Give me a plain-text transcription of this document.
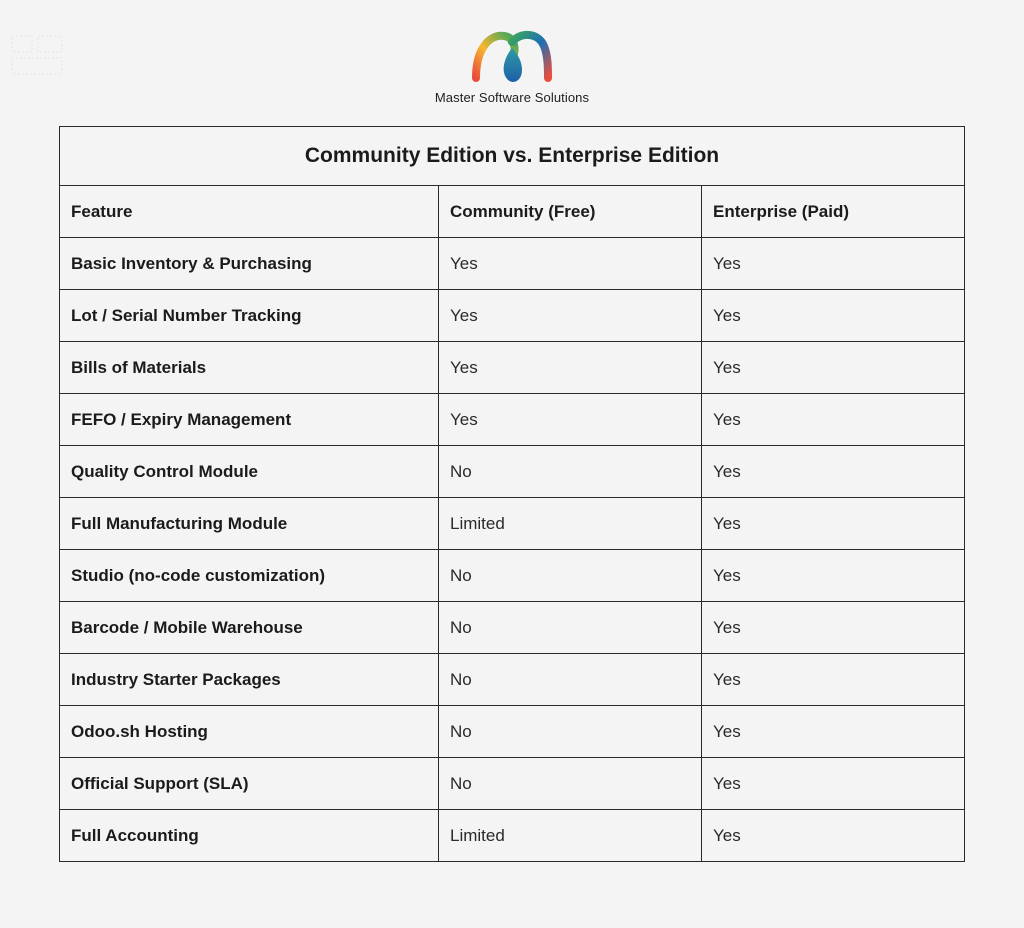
Master Software Solutions
Community Edition vs. Enterprise Edition		
Feature	Community (Free)	Enterprise (Paid)
Basic Inventory & Purchasing	Yes	Yes
Lot / Serial Number Tracking	Yes	Yes
Bills of Materials	Yes	Yes
FEFO / Expiry Management	Yes	Yes
Quality Control Module	No	Yes
Full Manufacturing Module	Limited	Yes
Studio (no-code customization)	No	Yes
Barcode / Mobile Warehouse	No	Yes
Industry Starter Packages	No	Yes
Odoo.sh Hosting	No	Yes
Official Support (SLA)	No	Yes
Full Accounting	Limited	Yes
